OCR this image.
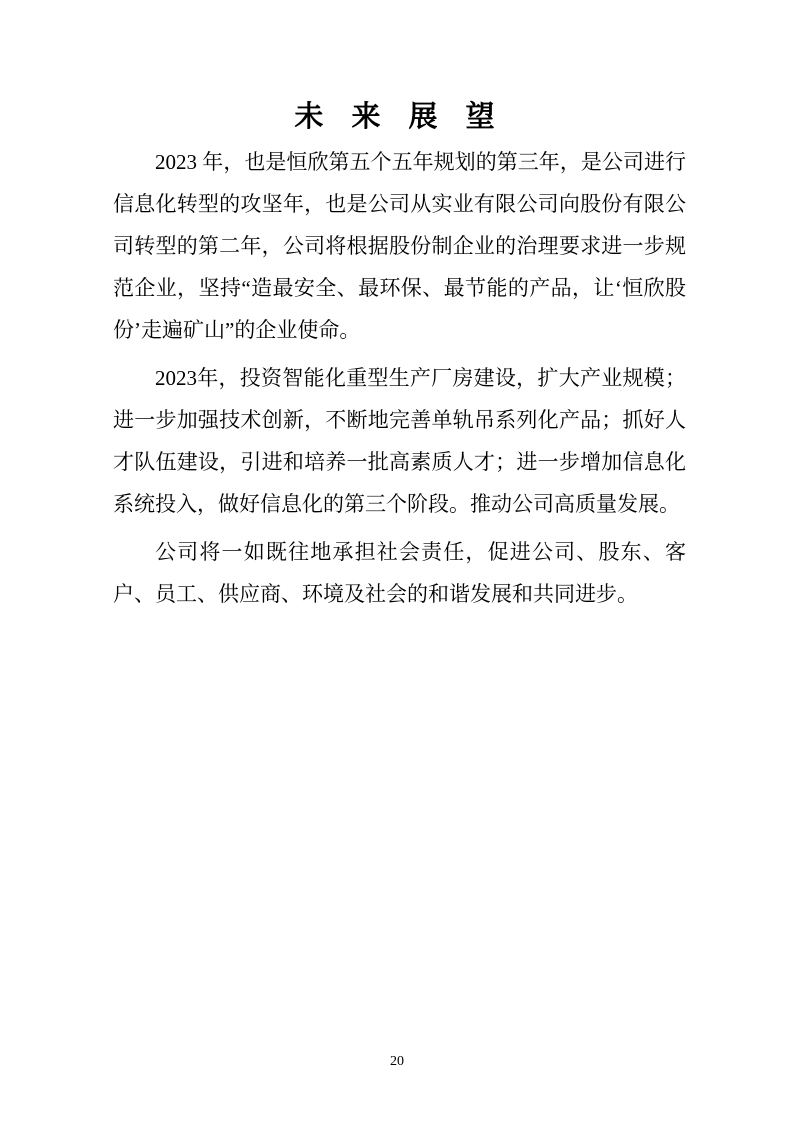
未 来 展 望

2023 年，也是恒欣第五个五年规划的第三年，是公司进行信息化转型的攻坚年，也是公司从实业有限公司向股份有限公司转型的第二年，公司将根据股份制企业的治理要求进一步规范企业，坚持“造最安全、最环保、最节能的产品，让‘恒欣股份’走遍矿山”的企业使命。

2023年，投资智能化重型生产厂房建设，扩大产业规模；进一步加强技术创新，不断地完善单轨吊系列化产品；抓好人才队伍建设，引进和培养一批高素质人才；进一步增加信息化系统投入，做好信息化的第三个阶段。推动公司高质量发展。

公司将一如既往地承担社会责任，促进公司、股东、客户、员工、供应商、环境及社会的和谐发展和共同进步。

20
